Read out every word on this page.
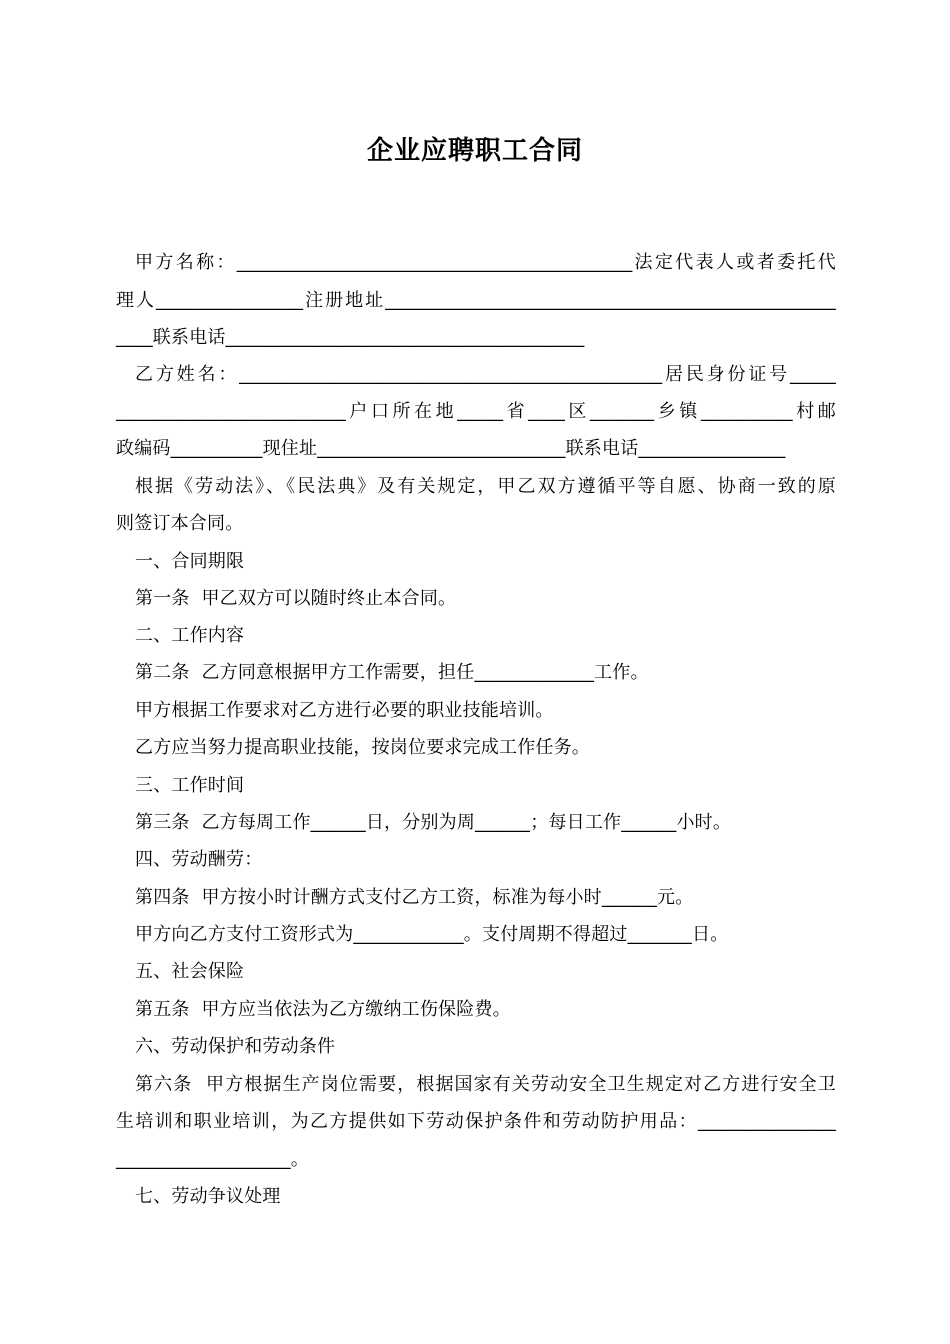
企业应聘职工合同
甲方名称：___________________________________________法定代表人或者委托代
理人________________注册地址_________________________________________________
____联系电话_______________________________________
乙方姓名：______________________________________________居民身份证号_____
_________________________户口所在地_____省____区_______乡镇__________村邮
政编码__________现住址___________________________联系电话________________
根据《劳动法》、《民法典》及有关规定，甲乙双方遵循平等自愿、协商一致的原
则签订本合同。
一、合同期限
第一条  甲乙双方可以随时终止本合同。
二、工作内容
第二条  乙方同意根据甲方工作需要，担任_____________工作。
甲方根据工作要求对乙方进行必要的职业技能培训。
乙方应当努力提高职业技能，按岗位要求完成工作任务。
三、工作时间
第三条  乙方每周工作______日，分别为周______；每日工作______小时。
四、劳动酬劳：
第四条  甲方按小时计酬方式支付乙方工资，标准为每小时______元。
甲方向乙方支付工资形式为____________。支付周期不得超过_______日。
五、社会保险
第五条  甲方应当依法为乙方缴纳工伤保险费。
六、劳动保护和劳动条件
第六条  甲方根据生产岗位需要，根据国家有关劳动安全卫生规定对乙方进行安全卫
生培训和职业培训，为乙方提供如下劳动保护条件和劳动防护用品：_______________
___________________。
七、劳动争议处理
